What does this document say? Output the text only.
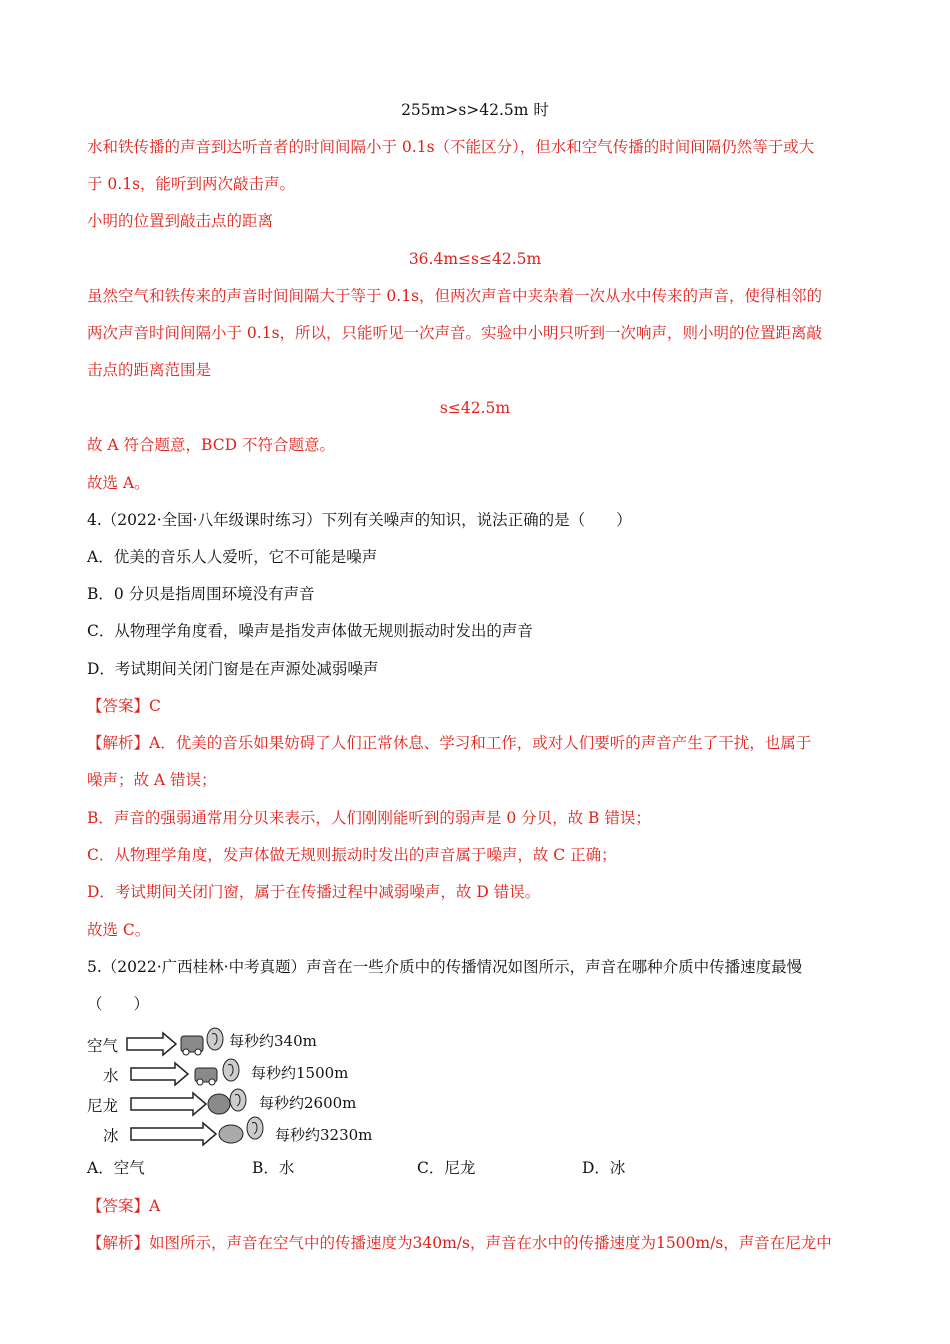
255m>s>42.5m 时
水和铁传播的声音到达听音者的时间间隔小于 0.1s（不能区分），但水和空气传播的时间间隔仍然等于或大
于 0.1s，能听到两次敲击声。
小明的位置到敲击点的距离
36.4m≤s≤42.5m
虽然空气和铁传来的声音时间间隔大于等于 0.1s，但两次声音中夹杂着一次从水中传来的声音，使得相邻的
两次声音时间间隔小于 0.1s，所以，只能听见一次声音。实验中小明只听到一次响声，则小明的位置距离敲
击点的距离范围是
s≤42.5m
故 A 符合题意，BCD 不符合题意。
故选 A。
4.（2022·全国·八年级课时练习）下列有关噪声的知识，说法正确的是（　　）
A．优美的音乐人人爱听，它不可能是噪声
B．0 分贝是指周围环境没有声音
C．从物理学角度看，噪声是指发声体做无规则振动时发出的声音
D．考试期间关闭门窗是在声源处减弱噪声
【答案】C
【解析】A．优美的音乐如果妨碍了人们正常休息、学习和工作，或对人们要听的声音产生了干扰，也属于
噪声；故 A 错误；
B．声音的强弱通常用分贝来表示，人们刚刚能听到的弱声是 0 分贝，故 B 错误；
C．从物理学角度，发声体做无规则振动时发出的声音属于噪声，故 C 正确；
D．考试期间关闭门窗，属于在传播过程中减弱噪声，故 D 错误。
故选 C。
5.（2022·广西桂林·中考真题）声音在一些介质中的传播情况如图所示，声音在哪种介质中传播速度最慢
（　　）
空气
水
尼龙
冰
每秒约340m
每秒约1500m
每秒约2600m
每秒约3230m
A．空气	B．水	C．尼龙	D．冰
【答案】A
【解析】如图所示，声音在空气中的传播速度为340m/s，声音在水中的传播速度为1500m/s，声音在尼龙中
